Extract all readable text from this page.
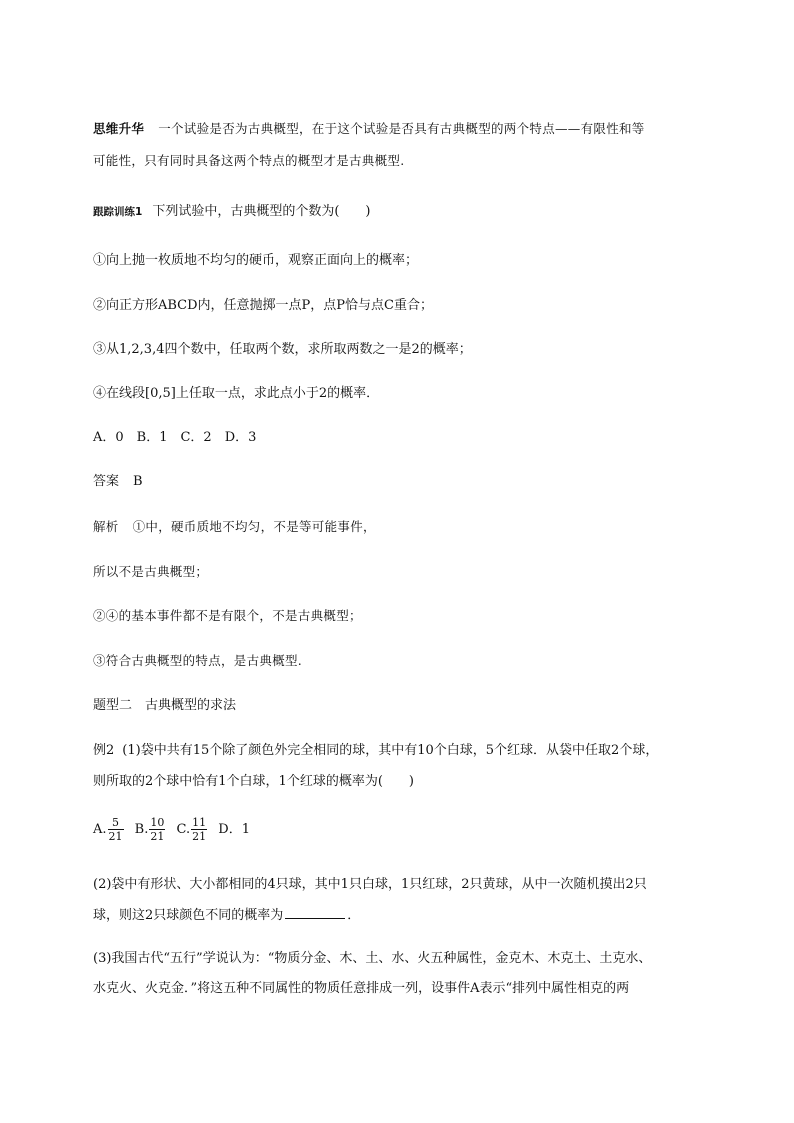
思维升华 一个试验是否为古典概型，在于这个试验是否具有古典概型的两个特点——有限性和等
可能性，只有同时具备这两个特点的概型才是古典概型.
跟踪训练1 下列试验中，古典概型的个数为(　　)
①向上抛一枚质地不均匀的硬币，观察正面向上的概率；
②向正方形ABCD内，任意抛掷一点P，点P恰与点C重合；
③从1,2,3,4四个数中，任取两个数，求所取两数之一是2的概率；
④在线段[0,5]上任取一点，求此点小于2的概率．
A．0　B．1　C．2　D．3
答案 B
解析 ①中，硬币质地不均匀，不是等可能事件，
所以不是古典概型；
②④的基本事件都不是有限个，不是古典概型；
③符合古典概型的特点，是古典概型.
题型二　古典概型的求法
例2 (1)袋中共有15个除了颜色外完全相同的球，其中有10个白球，5个红球．从袋中任取2个球，
则所取的2个球中恰有1个白球，1个红球的概率为(　　)
A. $\frac{5}{21} B$. $\frac{10}{21} C$. $\frac{11}{21}$ D．1
(2)袋中有形状、大小都相同的4只球，其中1只白球，1只红球，2只黄球，从中一次随机摸出2只
球，则这2只球颜色不同的概率为	．
(3)我国古代“五行”学说认为：“物质分金、木、土、水、火五种属性，金克木、木克土、土克水、
水克火、火克金．”将这五种不同属性的物质任意排成一列，设事件A表示“排列中属性相克的两
